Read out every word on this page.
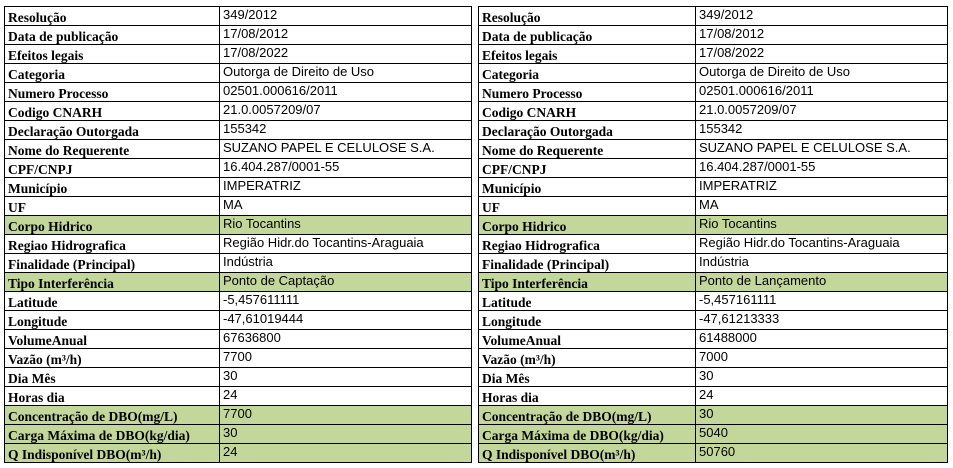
Resolução	349/2012
Data de publicação	17/08/2012
Efeitos legais	17/08/2022
Categoria	Outorga de Direito de Uso
Numero Processo	02501.000616/2011
Codigo CNARH	21.0.0057209/07
Declaração Outorgada	155342
Nome do Requerente	SUZANO PAPEL E CELULOSE S.A.
CPF/CNPJ	16.404.287/0001-55
Município	IMPERATRIZ
UF	MA
Corpo Hidrico	Rio Tocantins
Regiao Hidrografica	Região Hidr.do Tocantins-Araguaia
Finalidade (Principal)	Indústria
Tipo Interferência	Ponto de Captação
Latitude	-5,457611111
Longitude	-47,61019444
VolumeAnual	67636800
Vazão (m³/h)	7700
Dia Mês	30
Horas dia	24
Concentração de DBO(mg/L)	7700
Carga Máxima de DBO(kg/dia)	30
Q Indisponível DBO(m³/h)	24
Resolução	349/2012
Data de publicação	17/08/2012
Efeitos legais	17/08/2022
Categoria	Outorga de Direito de Uso
Numero Processo	02501.000616/2011
Codigo CNARH	21.0.0057209/07
Declaração Outorgada	155342
Nome do Requerente	SUZANO PAPEL E CELULOSE S.A.
CPF/CNPJ	16.404.287/0001-55
Município	IMPERATRIZ
UF	MA
Corpo Hidrico	Rio Tocantins
Regiao Hidrografica	Região Hidr.do Tocantins-Araguaia
Finalidade (Principal)	Indústria
Tipo Interferência	Ponto de Lançamento
Latitude	-5,457161111
Longitude	-47,61213333
VolumeAnual	61488000
Vazão (m³/h)	7000
Dia Mês	30
Horas dia	24
Concentração de DBO(mg/L)	30
Carga Máxima de DBO(kg/dia)	5040
Q Indisponível DBO(m³/h)	50760
